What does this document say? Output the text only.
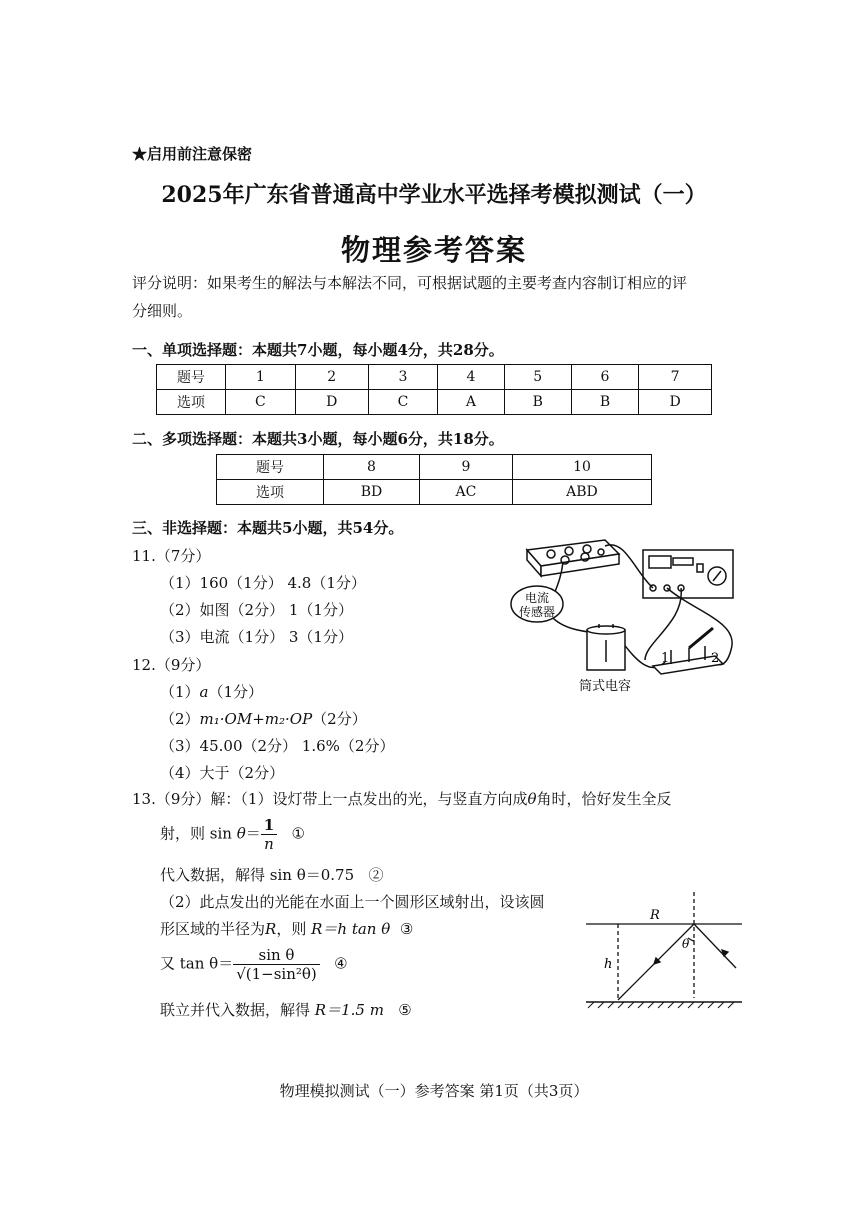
★启用前注意保密
2025年广东省普通高中学业水平选择考模拟测试（一）
物理参考答案
评分说明：如果考生的解法与本解法不同，可根据试题的主要考查内容制订相应的评
分细则。
一、单项选择题：本题共7小题，每小题4分，共28分。
题号	1	2	3	4	5	6	7
选项	C	D	C	A	B	B	D
二、多项选择题：本题共3小题，每小题6分，共18分。
题号	8	9	10
选项	BD	AC	ABD
三、非选择题：本题共5小题，共54分。
11.（7分）
（1）160（1分） 4.8（1分）
（2）如图（2分） 1（1分）
（3）电流（1分） 3（1分）
12.（9分）
（1）a（1分）
（2）m₁·OM+m₂·OP（2分）
（3）45.00（2分） 1.6%（2分）
（4）大于（2分）
13.（9分）解：（1）设灯带上一点发出的光，与竖直方向成θ角时，恰好发生全反
射，则 $\sin \theta= \frac{1}{n}$ ①
代入数据，解得 sin θ＝0.75 ②
（2）此点发出的光能在水面上一个圆形区域射出，设该圆
形区域的半径为R，则 R＝h tan θ ③
又 $\tan \theta= \frac{\text{sin θ}}{\text{√(1−sin²θ)}}$ ④
联立并代入数据，解得 R＝1.5 m ⑤
电流
传感器
筒式电容
1	2
R
h
θ
物理模拟测试（一）参考答案 第1页（共3页）
